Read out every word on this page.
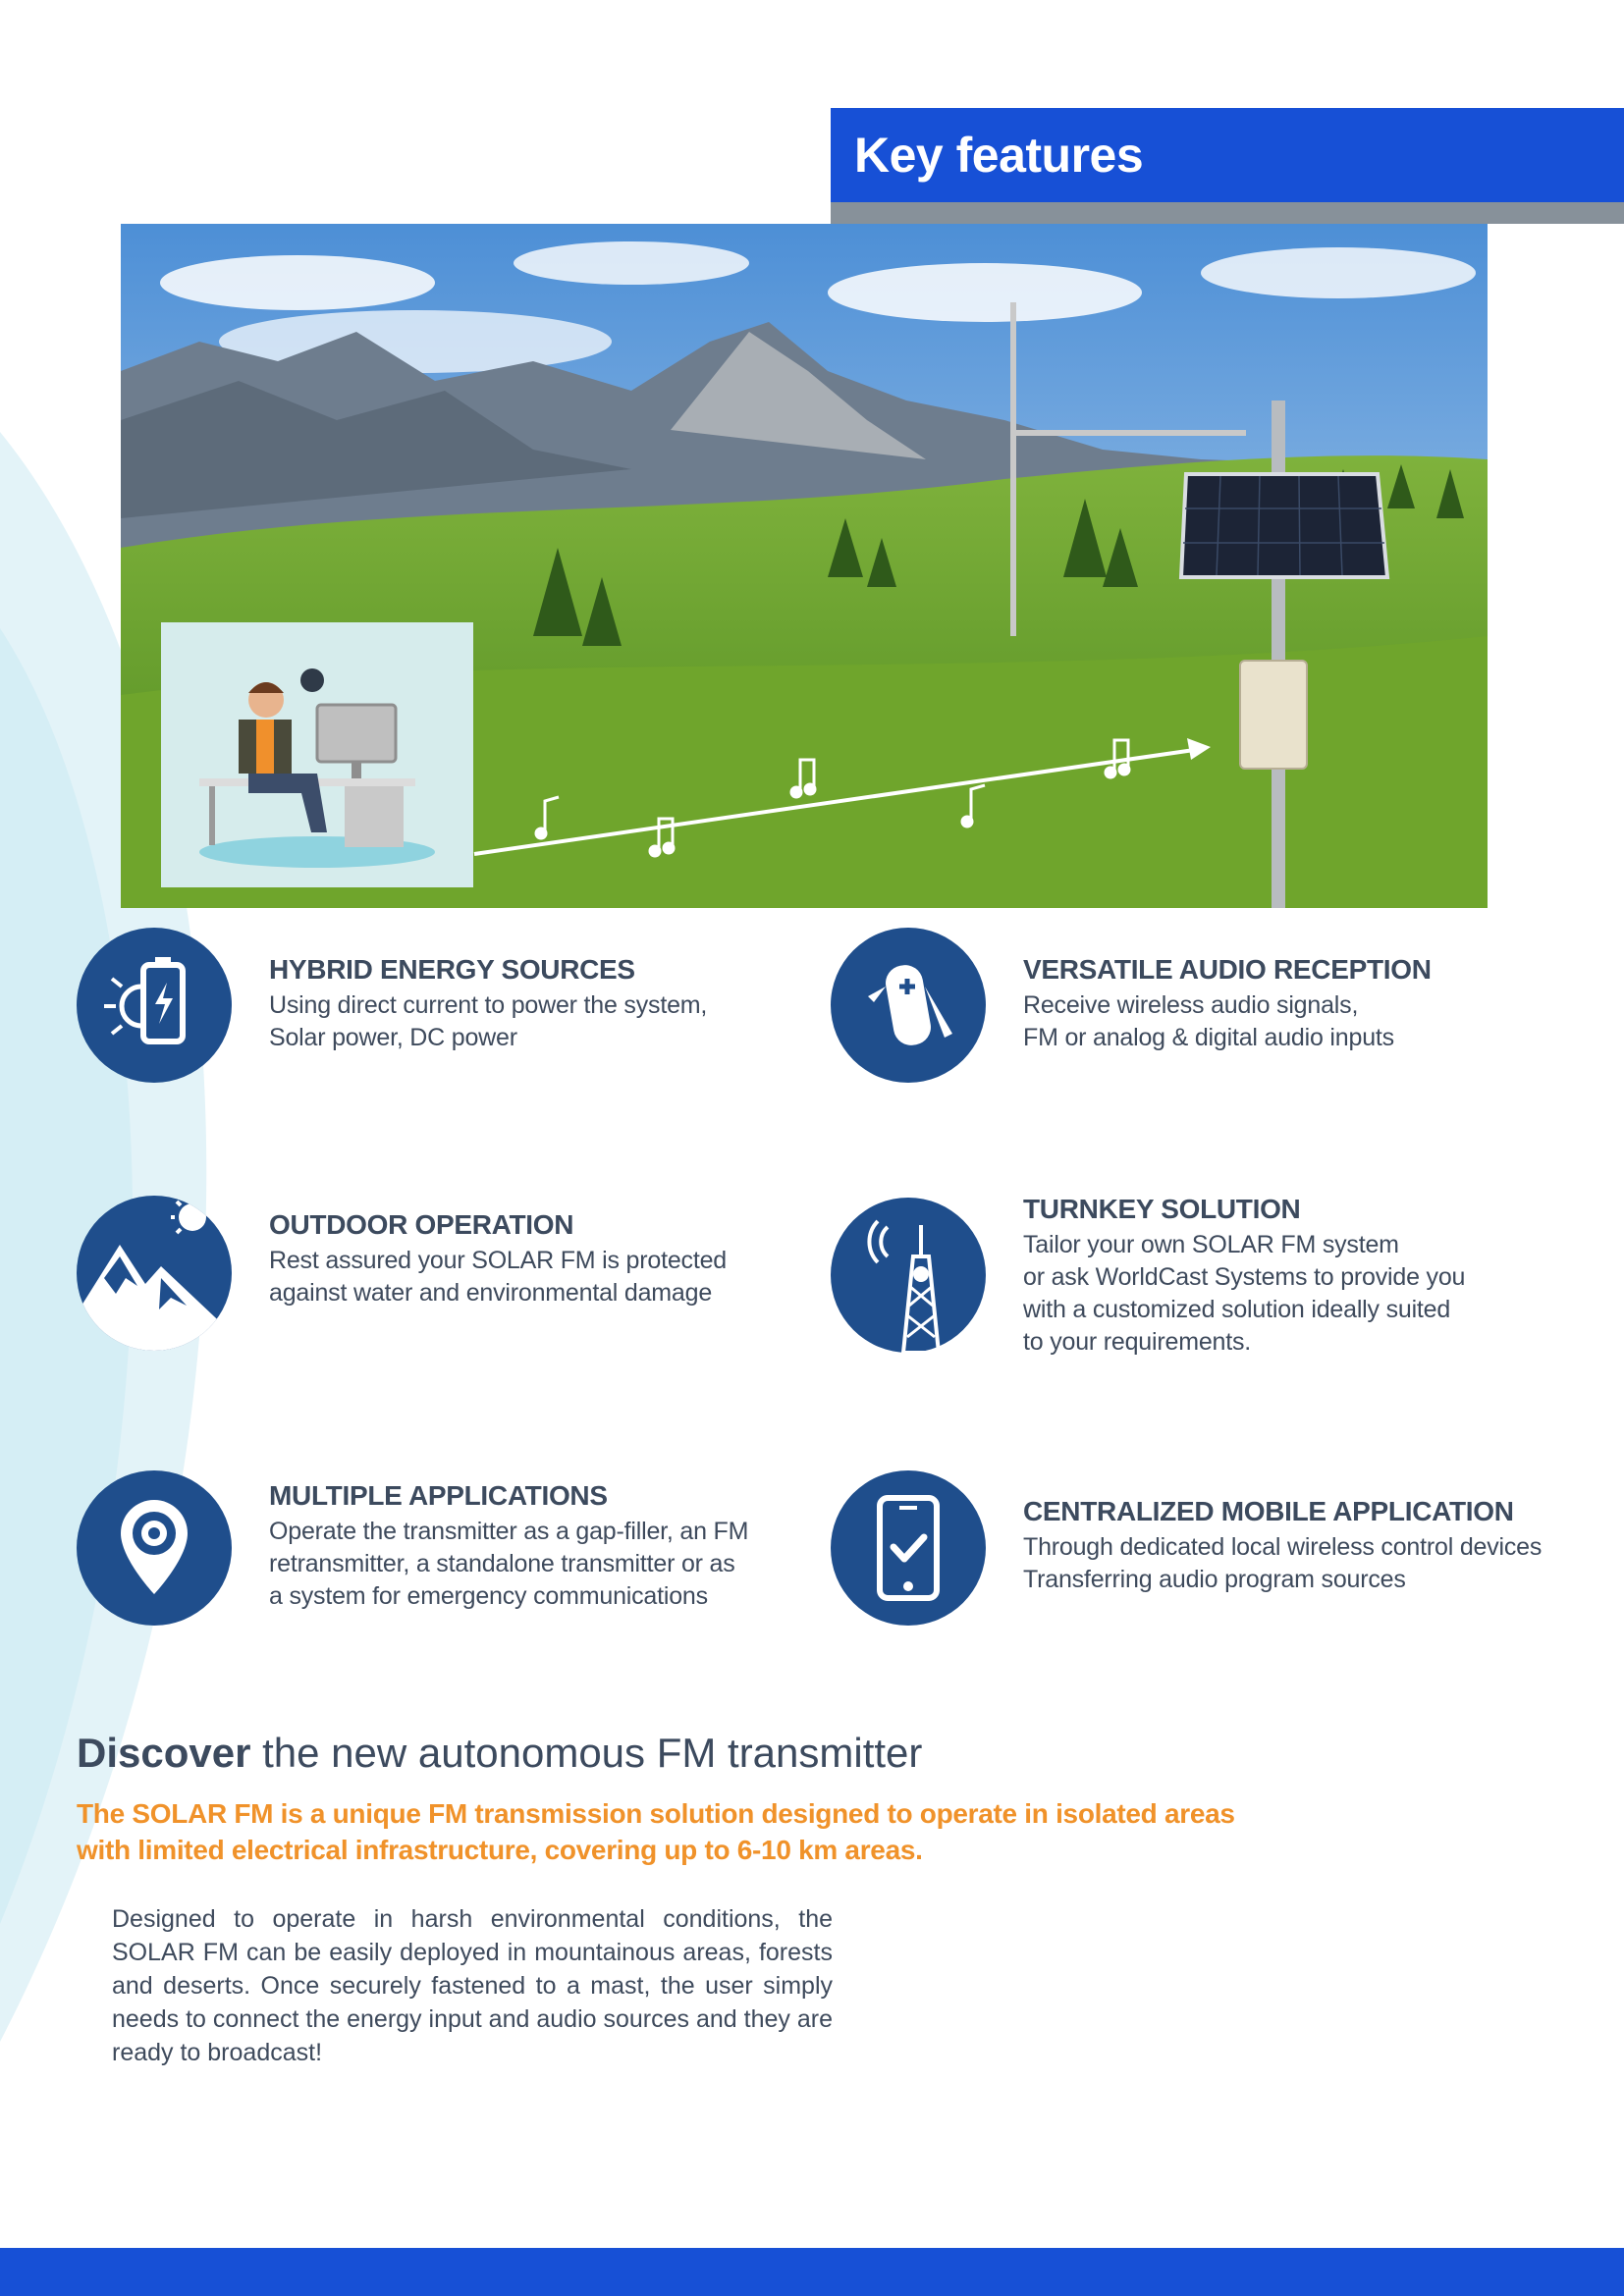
Key features
HYBRID ENERGY SOURCES
Using direct current to power the system,
Solar power, DC power
VERSATILE AUDIO RECEPTION
Receive wireless audio signals,
FM or analog & digital audio inputs
OUTDOOR OPERATION
Rest assured your SOLAR FM is protected
against water and environmental damage
TURNKEY SOLUTION
Tailor your own SOLAR FM system
or ask WorldCast Systems to provide you
with a customized solution ideally suited
to your requirements.
MULTIPLE APPLICATIONS
Operate the transmitter as a gap-filler, an FM
retransmitter, a standalone transmitter or as
a system for emergency communications
CENTRALIZED MOBILE APPLICATION
Through dedicated local wireless control devices
Transferring audio program sources
Discover the new autonomous FM transmitter
The SOLAR FM is a unique FM transmission solution designed to operate in isolated areas
with limited electrical infrastructure, covering up to 6-10 km areas.
Designed to operate in harsh environmental conditions, the SOLAR FM can be easily deployed in mountainous areas, forests and deserts. Once securely fastened to a mast, the user simply needs to connect the energy input and audio sources and they are ready to broadcast!
